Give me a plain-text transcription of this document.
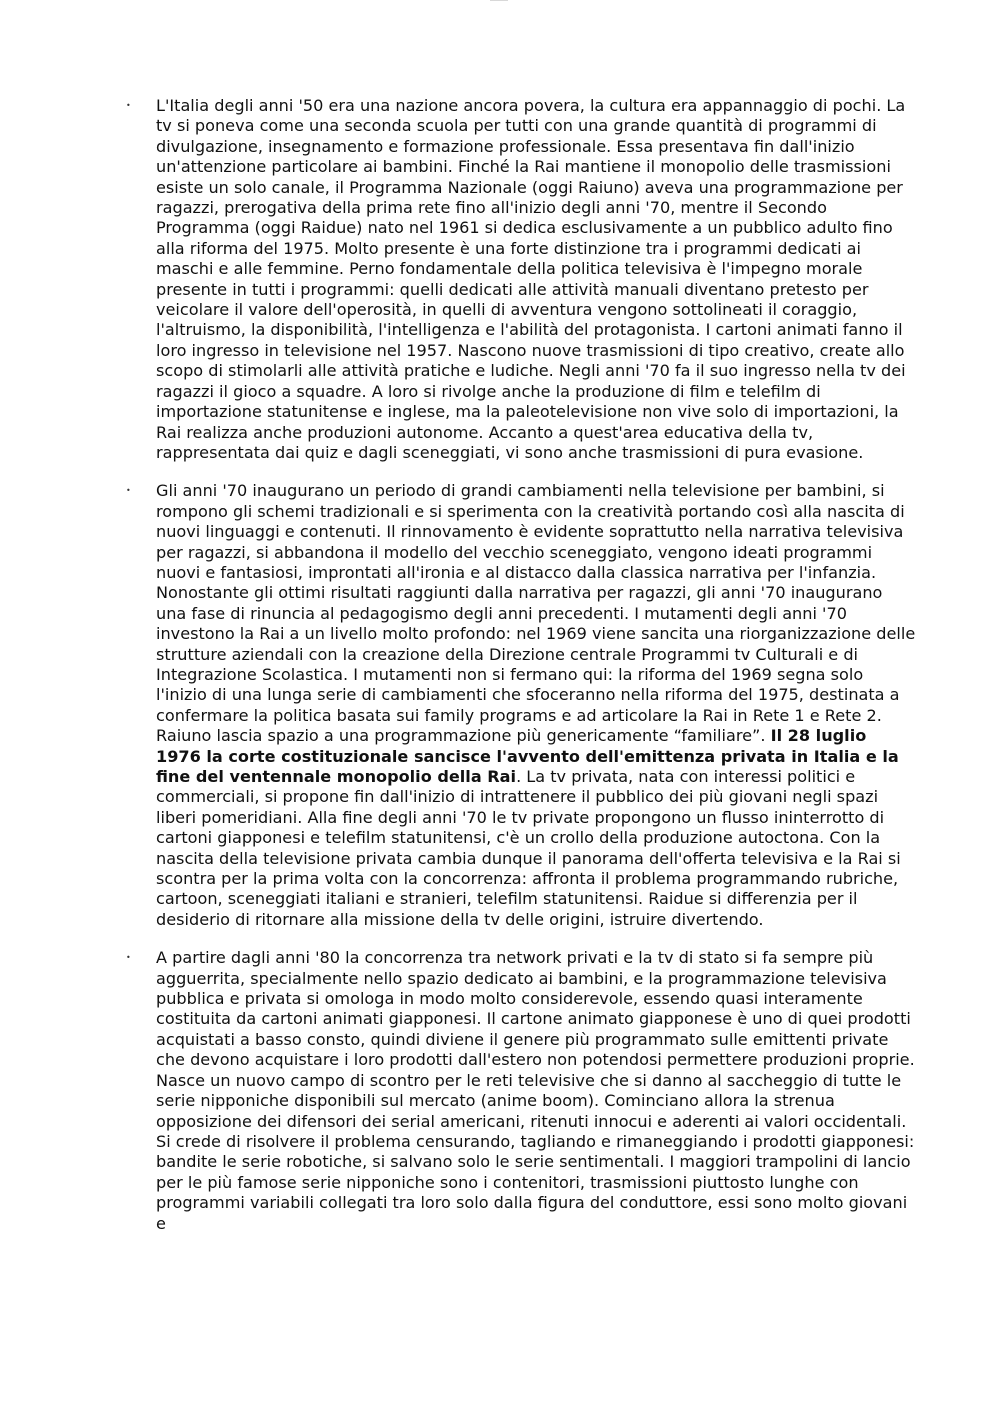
• L'Italia degli anni '50 era una nazione ancora povera, la cultura era appannaggio di pochi. La tv si poneva come una seconda scuola per tutti con una grande quantità di programmi di divulgazione, insegnamento e formazione professionale. Essa presentava fin dall'inizio un'attenzione particolare ai bambini. Finché la Rai mantiene il monopolio delle trasmissioni esiste un solo canale, il Programma Nazionale (oggi Raiuno) aveva una programmazione per ragazzi, prerogativa della prima rete fino all'inizio degli anni '70, mentre il Secondo Programma (oggi Raidue) nato nel 1961 si dedica esclusivamente a un pubblico adulto fino alla riforma del 1975. Molto presente è una forte distinzione tra i programmi dedicati ai maschi e alle femmine. Perno fondamentale della politica televisiva è l'impegno morale presente in tutti i programmi: quelli dedicati alle attività manuali diventano pretesto per veicolare il valore dell'operosità, in quelli di avventura vengono sottolineati il coraggio, l'altruismo, la disponibilità, l'intelligenza e l'abilità del protagonista. I cartoni animati fanno il loro ingresso in televisione nel 1957. Nascono nuove trasmissioni di tipo creativo, create allo scopo di stimolarli alle attività pratiche e ludiche. Negli anni '70 fa il suo ingresso nella tv dei ragazzi il gioco a squadre. A loro si rivolge anche la produzione di film e telefilm di importazione statunitense e inglese, ma la paleotelevisione non vive solo di importazioni, la Rai realizza anche produzioni autonome. Accanto a quest'area educativa della tv, rappresentata dai quiz e dagli sceneggiati, vi sono anche trasmissioni di pura evasione.

• Gli anni '70 inaugurano un periodo di grandi cambiamenti nella televisione per bambini, si rompono gli schemi tradizionali e si sperimenta con la creatività portando così alla nascita di nuovi linguaggi e contenuti. Il rinnovamento è evidente soprattutto nella narrativa televisiva per ragazzi, si abbandona il modello del vecchio sceneggiato, vengono ideati programmi nuovi e fantasiosi, improntati all'ironia e al distacco dalla classica narrativa per l'infanzia. Nonostante gli ottimi risultati raggiunti dalla narrativa per ragazzi, gli anni '70 inaugurano una fase di rinuncia al pedagogismo degli anni precedenti. I mutamenti degli anni '70 investono la Rai a un livello molto profondo: nel 1969 viene sancita una riorganizzazione delle strutture aziendali con la creazione della Direzione centrale Programmi tv Culturali e di Integrazione Scolastica. I mutamenti non si fermano qui: la riforma del 1969 segna solo l'inizio di una lunga serie di cambiamenti che sfoceranno nella riforma del 1975, destinata a confermare la politica basata sui family programs e ad articolare la Rai in Rete 1 e Rete 2. Raiuno lascia spazio a una programmazione più genericamente “familiare”. Il 28 luglio 1976 la corte costituzionale sancisce l'avvento dell'emittenza privata in Italia e la fine del ventennale monopolio della Rai. La tv privata, nata con interessi politici e commerciali, si propone fin dall'inizio di intrattenere il pubblico dei più giovani negli spazi liberi pomeridiani. Alla fine degli anni '70 le tv private propongono un flusso ininterrotto di cartoni giapponesi e telefilm statunitensi, c'è un crollo della produzione autoctona. Con la nascita della televisione privata cambia dunque il panorama dell'offerta televisiva e la Rai si scontra per la prima volta con la concorrenza: affronta il problema programmando rubriche, cartoon, sceneggiati italiani e stranieri, telefilm statunitensi. Raidue si differenzia per il desiderio di ritornare alla missione della tv delle origini, istruire divertendo.

• A partire dagli anni '80 la concorrenza tra network privati e la tv di stato si fa sempre più agguerrita, specialmente nello spazio dedicato ai bambini, e la programmazione televisiva pubblica e privata si omologa in modo molto considerevole, essendo quasi interamente costituita da cartoni animati giapponesi. Il cartone animato giapponese è uno di quei prodotti acquistati a basso consto, quindi diviene il genere più programmato sulle emittenti private che devono acquistare i loro prodotti dall'estero non potendosi permettere produzioni proprie. Nasce un nuovo campo di scontro per le reti televisive che si danno al saccheggio di tutte le serie nipponiche disponibili sul mercato (anime boom). Cominciano allora la strenua opposizione dei difensori dei serial americani, ritenuti innocui e aderenti ai valori occidentali. Si crede di risolvere il problema censurando, tagliando e rimaneggiando i prodotti giapponesi: bandite le serie robotiche, si salvano solo le serie sentimentali. I maggiori trampolini di lancio per le più famose serie nipponiche sono i contenitori, trasmissioni piuttosto lunghe con programmi variabili collegati tra loro solo dalla figura del conduttore, essi sono molto giovani e
